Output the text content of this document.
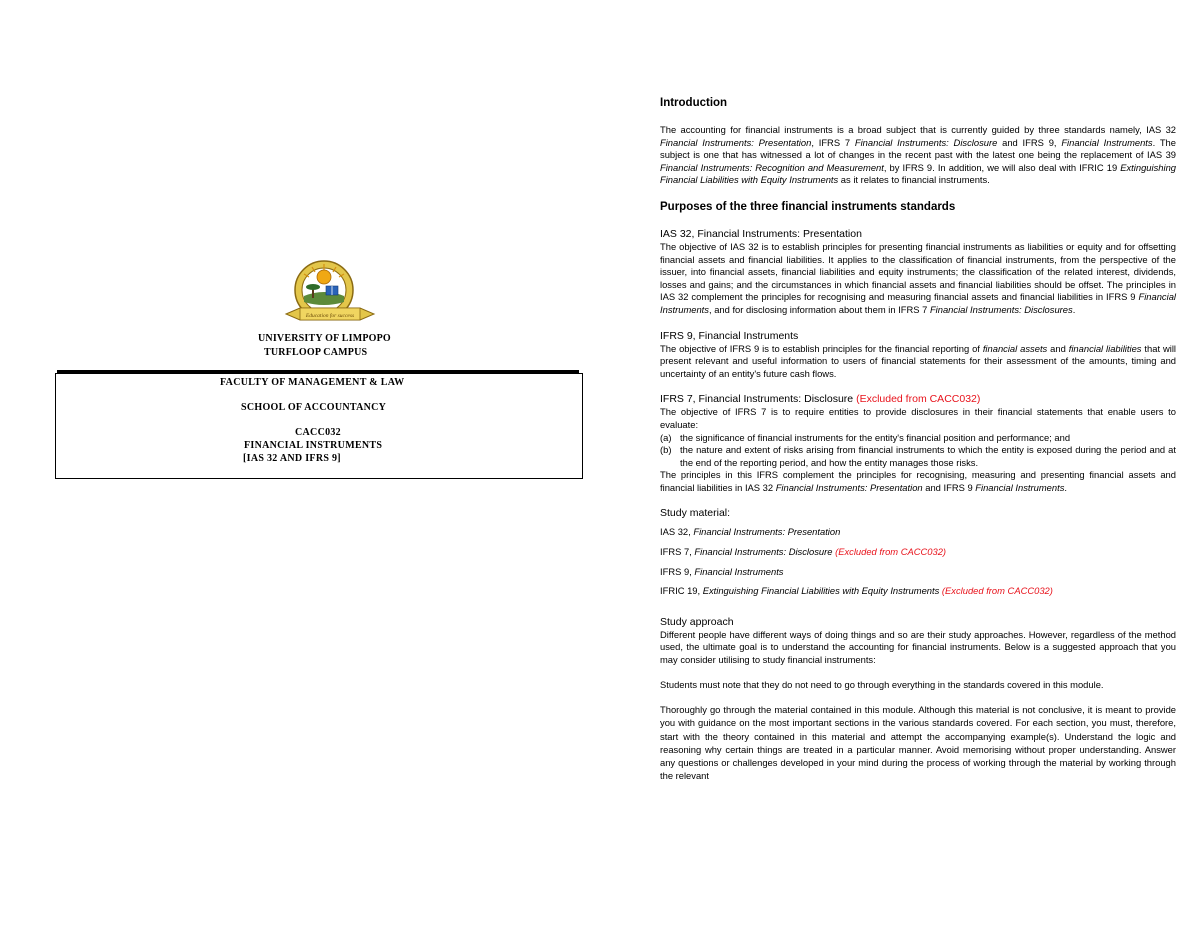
Education for success
UNIVERSITY OF LIMPOPO
TURFLOOP CAMPUS
FACULTY OF MANAGEMENT & LAW
SCHOOL OF ACCOUNTANCY
CACC032
FINANCIAL INSTRUMENTS
[IAS 32 AND IFRS 9]
Introduction

The accounting for financial instruments is a broad subject that is currently guided by three standards namely, IAS 32 Financial Instruments: Presentation, IFRS 7 Financial Instruments: Disclosure and IFRS 9, Financial Instruments. The subject is one that has witnessed a lot of changes in the recent past with the latest one being the replacement of IAS 39 Financial Instruments: Recognition and Measurement, by IFRS 9. In addition, we will also deal with IFRIC 19 Extinguishing Financial Liabilities with Equity Instruments as it relates to financial instruments.

Purposes of the three financial instruments standards
IAS 32, Financial Instruments: Presentation

The objective of IAS 32 is to establish principles for presenting financial instruments as liabilities or equity and for offsetting financial assets and financial liabilities. It applies to the classification of financial instruments, from the perspective of the issuer, into financial assets, financial liabilities and equity instruments; the classification of the related interest, dividends, losses and gains; and the circumstances in which financial assets and financial liabilities should be offset. The principles in IAS 32 complement the principles for recognising and measuring financial assets and financial liabilities in IFRS 9 Financial Instruments, and for disclosing information about them in IFRS 7 Financial Instruments: Disclosures.

IFRS 9, Financial Instruments

The objective of IFRS 9 is to establish principles for the financial reporting of financial assets and financial liabilities that will present relevant and useful information to users of financial statements for their assessment of the amounts, timing and uncertainty of an entity's future cash flows.

IFRS 7, Financial Instruments: Disclosure (Excluded from CACC032)

The objective of IFRS 7 is to require entities to provide disclosures in their financial statements that enable users to evaluate:

(a) the significance of financial instruments for the entity's financial position and performance; and
(b) the nature and extent of risks arising from financial instruments to which the entity is exposed during the period and at the end of the reporting period, and how the entity manages those risks.

The principles in this IFRS complement the principles for recognising, measuring and presenting financial assets and financial liabilities in IAS 32 Financial Instruments: Presentation and IFRS 9 Financial Instruments.

Study material:
IAS 32, Financial Instruments: Presentation
IFRS 7, Financial Instruments: Disclosure (Excluded from CACC032)
IFRS 9, Financial Instruments
IFRIC 19, Extinguishing Financial Liabilities with Equity Instruments (Excluded from CACC032)
Study approach

Different people have different ways of doing things and so are their study approaches. However, regardless of the method used, the ultimate goal is to understand the accounting for financial instruments. Below is a suggested approach that you may consider utilising to study financial instruments:

Students must note that they do not need to go through everything in the standards covered in this module.

Thoroughly go through the material contained in this module. Although this material is not conclusive, it is meant to provide you with guidance on the most important sections in the various standards covered. For each section, you must, therefore, start with the theory contained in this material and attempt the accompanying example(s). Understand the logic and reasoning why certain things are treated in a particular manner. Avoid memorising without proper understanding. Answer any questions or challenges developed in your mind during the process of working through the material by working through the relevant
